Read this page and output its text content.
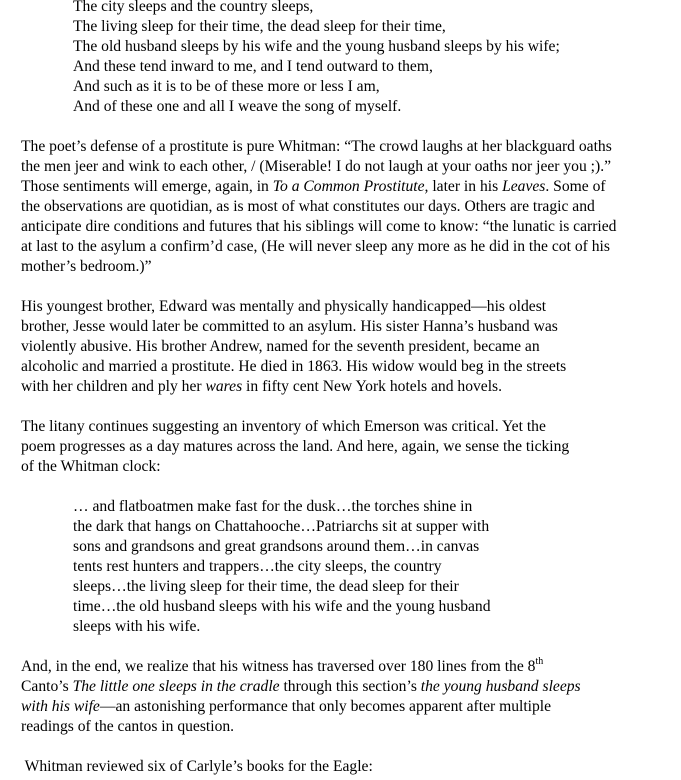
The city sleeps and the country sleeps,
The living sleep for their time, the dead sleep for their time,
The old husband sleeps by his wife and the young husband sleeps by his wife;
And these tend inward to me, and I tend outward to them,
And such as it is to be of these more or less I am,
And of these one and all I weave the song of myself.
The poet’s defense of a prostitute is pure Whitman: “The crowd laughs at her blackguard oaths
the men jeer and wink to each other, / (Miserable! I do not laugh at your oaths nor jeer you ;).”
Those sentiments will emerge, again, in To a Common Prostitute, later in his Leaves. Some of
the observations are quotidian, as is most of what constitutes our days. Others are tragic and
anticipate dire conditions and futures that his siblings will come to know: “the lunatic is carried
at last to the asylum a confirm’d case, (He will never sleep any more as he did in the cot of his
mother’s bedroom.)”
His youngest brother, Edward was mentally and physically handicapped—his oldest
brother, Jesse would later be committed to an asylum. His sister Hanna’s husband was
violently abusive. His brother Andrew, named for the seventh president, became an
alcoholic and married a prostitute. He died in 1863. His widow would beg in the streets
with her children and ply her wares in fifty cent New York hotels and hovels.
The litany continues suggesting an inventory of which Emerson was critical. Yet the
poem progresses as a day matures across the land. And here, again, we sense the ticking
of the Whitman clock:
… and flatboatmen make fast for the dusk…the torches shine in
the dark that hangs on Chattahooche…Patriarchs sit at supper with
sons and grandsons and great grandsons around them…in canvas
tents rest hunters and trappers…the city sleeps, the country
sleeps…the living sleep for their time, the dead sleep for their
time…the old husband sleeps with his wife and the young husband
sleeps with his wife.
And, in the end, we realize that his witness has traversed over 180 lines from the 8th
Canto’s The little one sleeps in the cradle through this section’s the young husband sleeps
with his wife—an astonishing performance that only becomes apparent after multiple
readings of the cantos in question.
Whitman reviewed six of Carlyle’s books for the Eagle:
